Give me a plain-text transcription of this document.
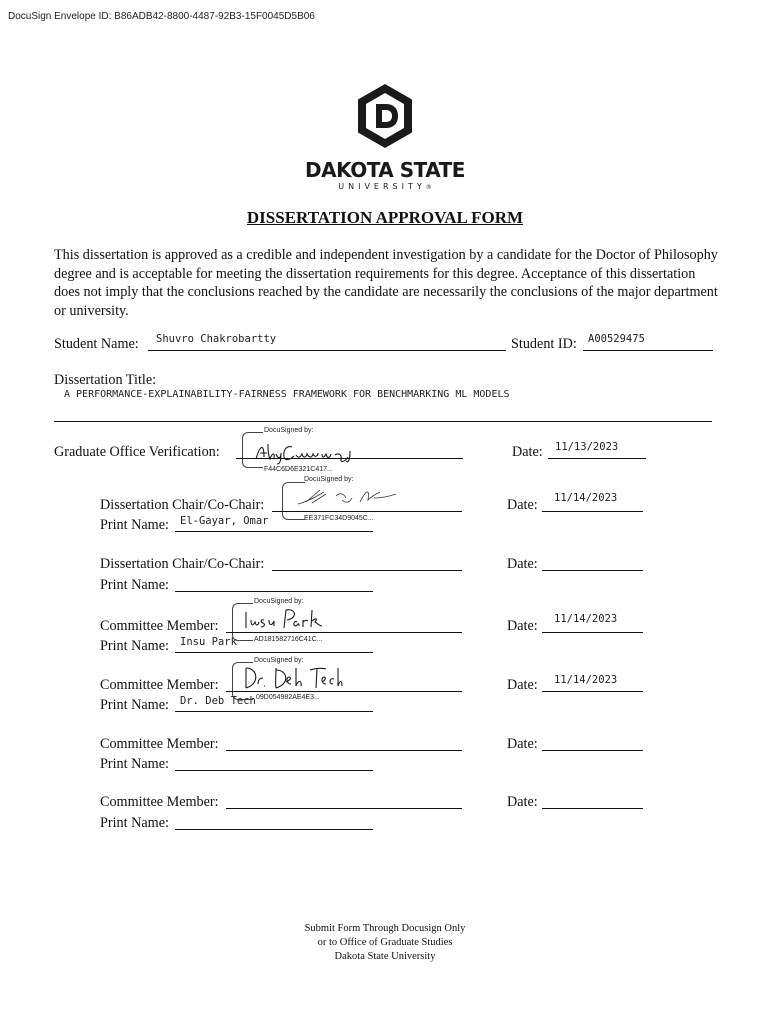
DocuSign Envelope ID: B86ADB42-8800-4487-92B3-15F0045D5B06
DAKOTA STATE
UNIVERSITY®
DISSERTATION APPROVAL FORM
This dissertation is approved as a credible and independent investigation by a candidate for the Doctor of Philosophy degree and is acceptable for meeting the dissertation requirements for this degree. Acceptance of this dissertation does not imply that the conclusions reached by the candidate are necessarily the conclusions of the major department or university.
Student Name: Shuvro Chakrobartty	Student ID: A00529475
Dissertation Title:
A PERFORMANCE-EXPLAINABILITY-FAIRNESS FRAMEWORK FOR BENCHMARKING ML MODELS
Graduate Office Verification:
DocuSigned by:
F44C6D6E321C417...
Date: 11/13/2023
Dissertation Chair/Co-Chair:
DocuSigned by:
EE371FC34D9045C...
Print Name: El-Gayar, Omar
Date: 11/14/2023
Dissertation Chair/Co-Chair:
Print Name:
Date:
Committee Member:
DocuSigned by:
AD181582716C41C...
Print Name: Insu Park
Date: 11/14/2023
Committee Member:
DocuSigned by:
09D054982AE4E3...
Print Name: Dr. Deb Tech
Date: 11/14/2023
Committee Member:
Print Name:
Date:
Committee Member:
Print Name:
Date:
Submit Form Through Docusign Only
or to Office of Graduate Studies
Dakota State University
